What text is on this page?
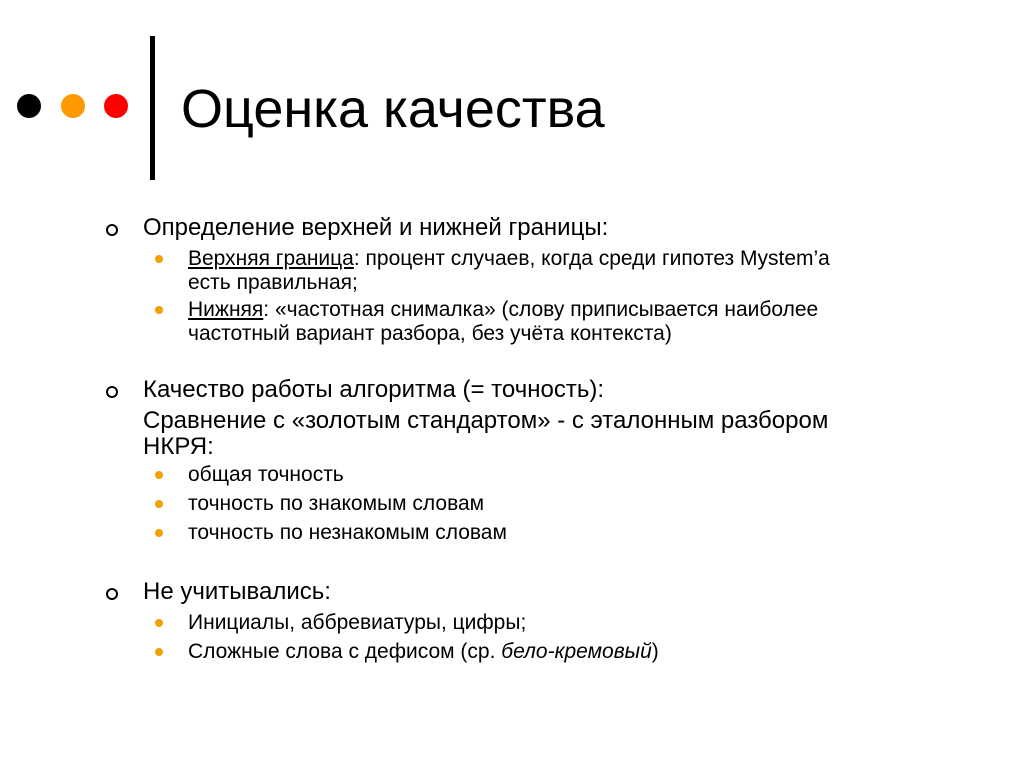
Оценка качества
Определение верхней и нижней границы:
Верхняя граница: процент случаев, когда среди гипотез Mystem’а
есть правильная;
Нижняя: «частотная снималка» (слову приписывается наиболее
частотный вариант разбора, без учёта контекста)
Качество работы алгоритма (= точность):
Сравнение с «золотым стандартом» - с эталонным разбором
НКРЯ:
общая точность
точность по знакомым словам
точность по незнакомым словам
Не учитывались:
Инициалы, аббревиатуры, цифры;
Сложные слова с дефисом (ср. бело-кремовый)
